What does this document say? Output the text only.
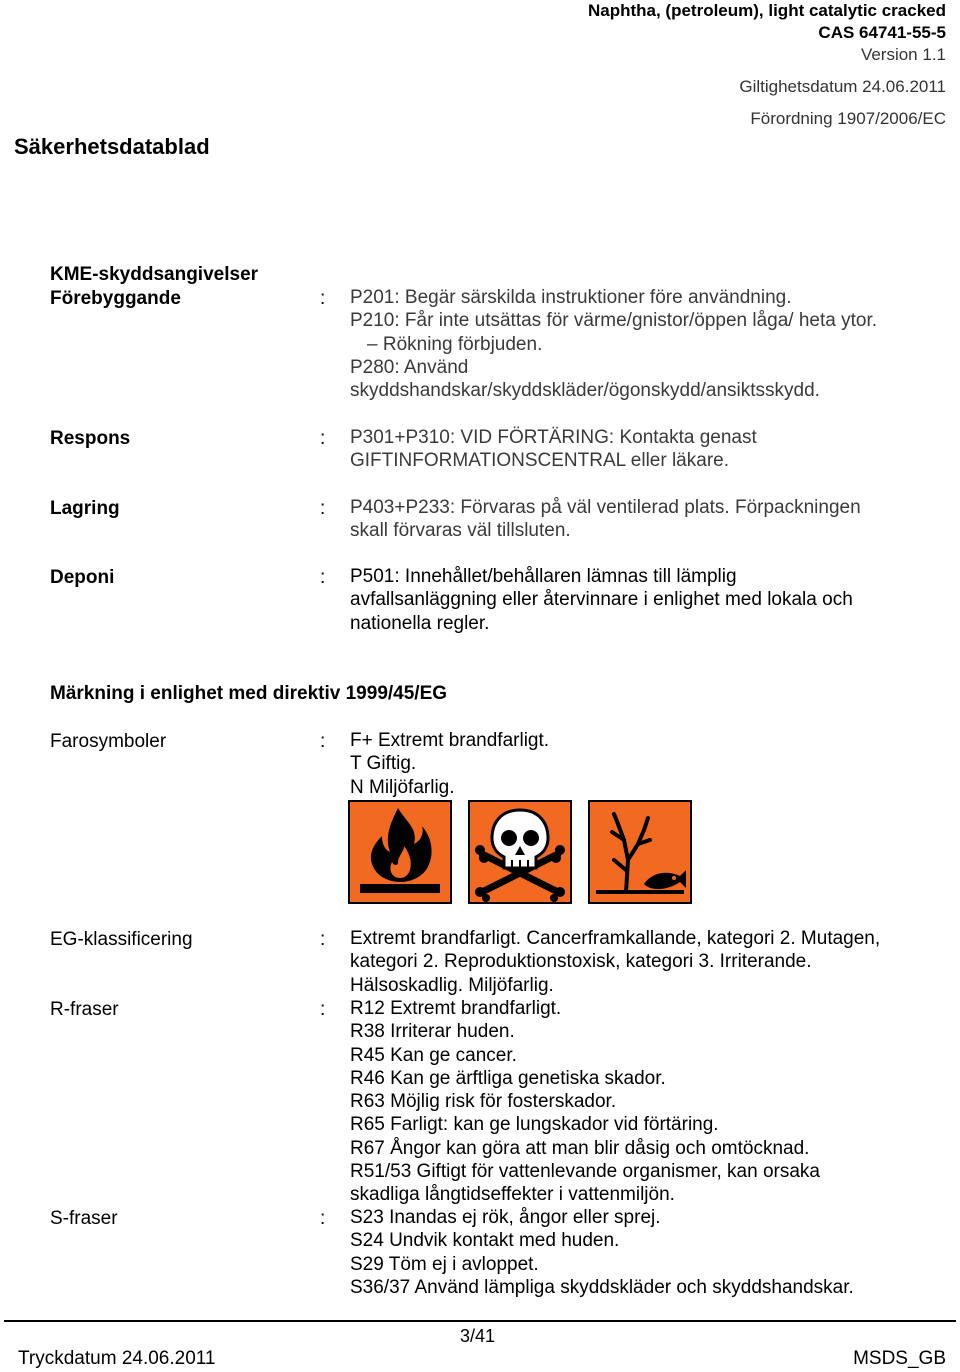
Naphtha, (petroleum), light catalytic cracked
CAS 64741-55-5
Version 1.1
Giltighetsdatum 24.06.2011
Förordning 1907/2006/EC
Säkerhetsdatablad
KME-skyddsangivelser
Förebyggande	: P201: Begär särskilda instruktioner före användning.
P210: Får inte utsättas för värme/gnistor/öppen låga/ heta ytor.
– Rökning förbjuden.
P280: Använd
skyddshandskar/skyddskläder/ögonskydd/ansiktsskydd.
Respons	: P301+P310: VID FÖRTÄRING: Kontakta genast
GIFTINFORMATIONSCENTRAL eller läkare.
Lagring	: P403+P233: Förvaras på väl ventilerad plats. Förpackningen
skall förvaras väl tillsluten.
Deponi	: P501: Innehållet/behållaren lämnas till lämplig
avfallsanläggning eller återvinnare i enlighet med lokala och
nationella regler.
Märkning i enlighet med direktiv 1999/45/EG
Farosymboler	: F+ Extremt brandfarligt.
T Giftig.
N Miljöfarlig.
EG-klassificering	: Extremt brandfarligt. Cancerframkallande, kategori 2. Mutagen,
kategori 2. Reproduktionstoxisk, kategori 3. Irriterande.
Hälsoskadlig. Miljöfarlig.
R-fraser	: R12 Extremt brandfarligt.
R38 Irriterar huden.
R45 Kan ge cancer.
R46 Kan ge ärftliga genetiska skador.
R63 Möjlig risk för fosterskador.
R65 Farligt: kan ge lungskador vid förtäring.
R67 Ångor kan göra att man blir dåsig och omtöcknad.
R51/53 Giftigt för vattenlevande organismer, kan orsaka
skadliga långtidseffekter i vattenmiljön.
S-fraser	: S23 Inandas ej rök, ångor eller sprej.
S24 Undvik kontakt med huden.
S29 Töm ej i avloppet.
S36/37 Använd lämpliga skyddskläder och skyddshandskar.
3/41
Tryckdatum 24.06.2011	MSDS_GB
